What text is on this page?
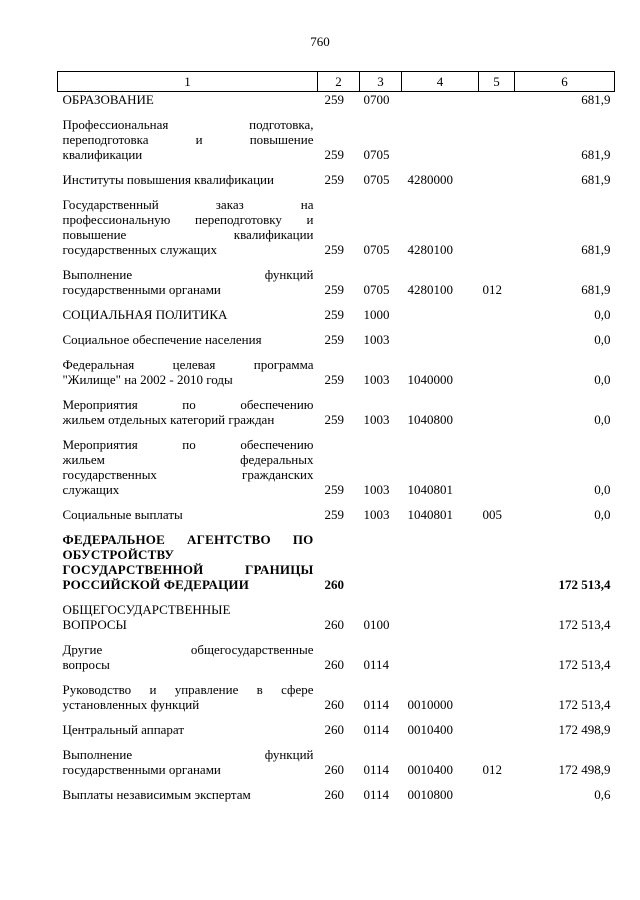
760
1	2	3	4	5	6

ОБРАЗОВАНИЕ	259	0700			681,9

Профессиональная подготовка,
переподготовка и повышение
квалификации	259	0705			681,9

Институты повышения квалификации	259	0705	4280000		681,9

Государственный заказ на
профессиональную переподготовку и
повышение квалификации
государственных служащих	259	0705	4280100		681,9

Выполнение функций
государственными органами	259	0705	4280100	012	681,9

СОЦИАЛЬНАЯ ПОЛИТИКА	259	1000			0,0

Социальное обеспечение населения	259	1003			0,0

Федеральная целевая программа
"Жилище" на 2002 - 2010 годы	259	1003	1040000		0,0

Мероприятия по обеспечению
жильем отдельных категорий граждан	259	1003	1040800		0,0

Мероприятия по обеспечению
жильем федеральных
государственных гражданских
служащих	259	1003	1040801		0,0

Социальные выплаты	259	1003	1040801	005	0,0

ФЕДЕРАЛЬНОЕ АГЕНТСТВО ПО
ОБУСТРОЙСТВУ
ГОСУДАРСТВЕННОЙ ГРАНИЦЫ
РОССИЙСКОЙ ФЕДЕРАЦИИ	260				172 513,4

ОБЩЕГОСУДАРСТВЕННЫЕ
ВОПРОСЫ	260	0100			172 513,4

Другие общегосударственные
вопросы	260	0114			172 513,4

Руководство и управление в сфере
установленных функций	260	0114	0010000		172 513,4

Центральный аппарат	260	0114	0010400		172 498,9

Выполнение функций
государственными органами	260	0114	0010400	012	172 498,9

Выплаты независимым экспертам	260	0114	0010800		0,6
